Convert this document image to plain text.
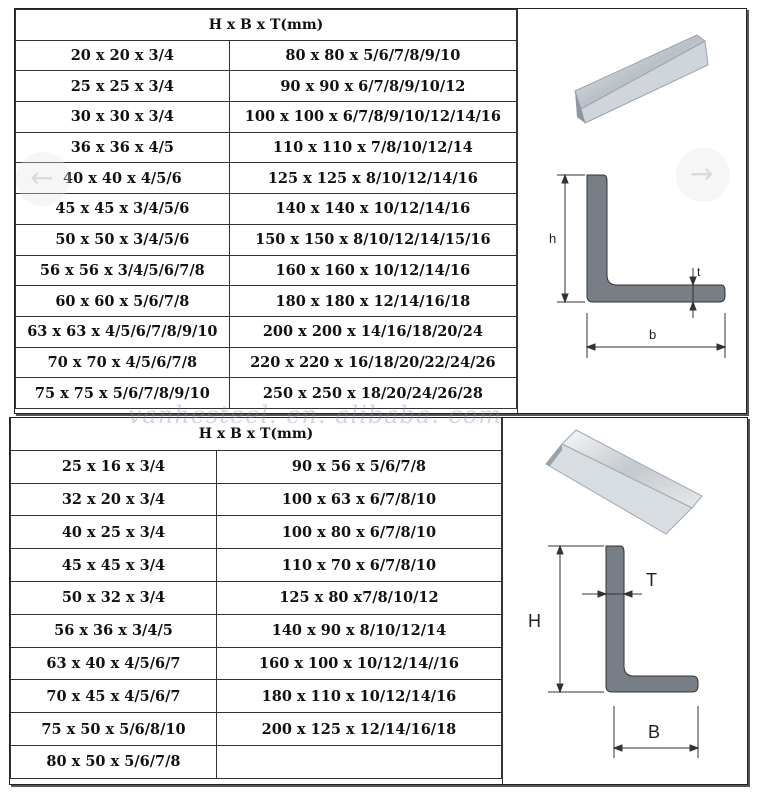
H x B x T(mm)	
20 x 20 x 3/4	80 x 80 x 5/6/7/8/9/10
25 x 25 x 3/4	90 x 90 x 6/7/8/9/10/12
30 x 30 x 3/4	100 x 100 x 6/7/8/9/10/12/14/16
36 x 36 x 4/5	110 x 110 x 7/8/10/12/14
40 x 40 x 4/5/6	125 x 125 x 8/10/12/14/16
45 x 45 x 3/4/5/6	140 x 140 x 10/12/14/16
50 x 50 x 3/4/5/6	150 x 150 x 8/10/12/14/15/16
56 x 56 x 3/4/5/6/7/8	160 x 160 x 10/12/14/16
60 x 60 x 5/6/7/8	180 x 180 x 12/14/16/18
63 x 63 x 4/5/6/7/8/9/10	200 x 200 x 14/16/18/20/24
70 x 70 x 4/5/6/7/8	220 x 220 x 16/18/20/22/24/26
75 x 75 x 5/6/7/8/9/10	250 x 250 x 18/20/24/26/28
h
t
b
H x B x T(mm)	
25 x 16 x 3/4	90 x 56 x 5/6/7/8
32 x 20 x 3/4	100 x 63 x 6/7/8/10
40 x 25 x 3/4	100 x 80 x 6/7/8/10
45 x 45 x 3/4	110 x 70 x 6/7/8/10
50 x 32 x 3/4	125 x 80 x7/8/10/12
56 x 36 x 3/4/5	140 x 90 x 8/10/12/14
63 x 40 x 4/5/6/7	160 x 100 x 10/12/14//16
70 x 45 x 4/5/6/7	180 x 110 x 10/12/14/16
75 x 50 x 5/6/8/10	200 x 125 x 12/14/16/18
80 x 50 x 5/6/7/8	
H
T
B
←	→
vanhesteel. en. alibaba. com
